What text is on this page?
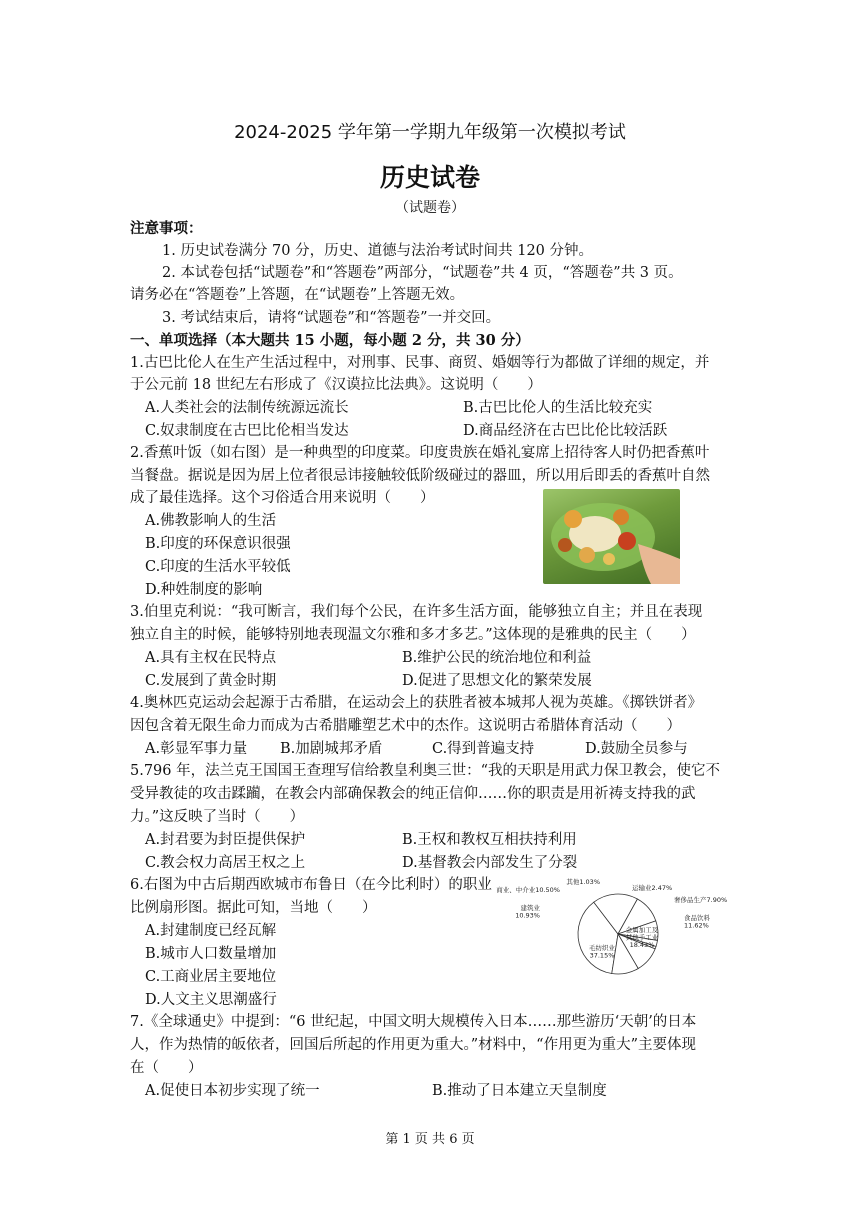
2024-2025 学年第一学期九年级第一次模拟考试
历史试卷
（试题卷）
注意事项：
1. 历史试卷满分 70 分，历史、道德与法治考试时间共 120 分钟。
2. 本试卷包括“试题卷”和“答题卷”两部分，“试题卷”共 4 页，“答题卷”共 3 页。
请务必在“答题卷”上答题，在“试题卷”上答题无效。
3. 考试结束后，请将“试题卷”和“答题卷”一并交回。
一、单项选择（本大题共 15 小题，每小题 2 分，共 30 分）
1.古巴比伦人在生产生活过程中，对刑事、民事、商贸、婚姻等行为都做了详细的规定，并
于公元前 18 世纪左右形成了《汉谟拉比法典》。这说明（　　）
A.人类社会的法制传统源远流长	B.古巴比伦人的生活比较充实
C.奴隶制度在古巴比伦相当发达	D.商品经济在古巴比伦比较活跃
2.香蕉叶饭（如右图）是一种典型的印度菜。印度贵族在婚礼宴席上招待客人时仍把香蕉叶
当餐盘。据说是因为居上位者很忌讳接触较低阶级碰过的器皿，所以用后即丢的香蕉叶自然
成了最佳选择。这个习俗适合用来说明（　　）
A.佛教影响人的生活
B.印度的环保意识很强
C.印度的生活水平较低
D.种姓制度的影响
3.伯里克利说：“我可断言，我们每个公民，在许多生活方面，能够独立自主；并且在表现
独立自主的时候，能够特别地表现温文尔雅和多才多艺。”这体现的是雅典的民主（　　）
A.具有主权在民特点	B.维护公民的统治地位和利益
C.发展到了黄金时期	D.促进了思想文化的繁荣发展
4.奥林匹克运动会起源于古希腊，在运动会上的获胜者被本城邦人视为英雄。《掷铁饼者》
因包含着无限生命力而成为古希腊雕塑艺术中的杰作。这说明古希腊体育活动（　　）
A.彰显军事力量 B.加剧城邦矛盾	C.得到普遍支持	D.鼓励全员参与
5.796 年，法兰克王国国王查理写信给教皇利奥三世：“我的天职是用武力保卫教会，使它不
受异教徒的攻击蹂躏，在教会内部确保教会的纯正信仰……你的职责是用祈祷支持我的武
力。”这反映了当时（　　）
A.封君要为封臣提供保护	B.王权和教权互相扶持利用
C.教会权力高居王权之上	D.基督教会内部发生了分裂
6.右图为中古后期西欧城市布鲁日（在今比利时）的职业
比例扇形图。据此可知，当地（　　）
A.封建制度已经瓦解
B.城市人口数量增加
C.工商业居主要地位
D.人文主义思潮盛行
毛纺织业 37.15%
金属加工及其他手工业 18.43%
食品饮料 11.62%
奢侈品生产7.90%
运输业2.47%
其他1.03%
商业、中介业10.50%
建筑业 10.93%
7.《全球通史》中提到：“6 世纪起，中国文明大规模传入日本……那些游历‘天朝’的日本
人，作为热情的皈依者，回国后所起的作用更为重大。”材料中，“作用更为重大”主要体现
在（　　）
A.促使日本初步实现了统一	B.推动了日本建立天皇制度
第 1 页 共 6 页
